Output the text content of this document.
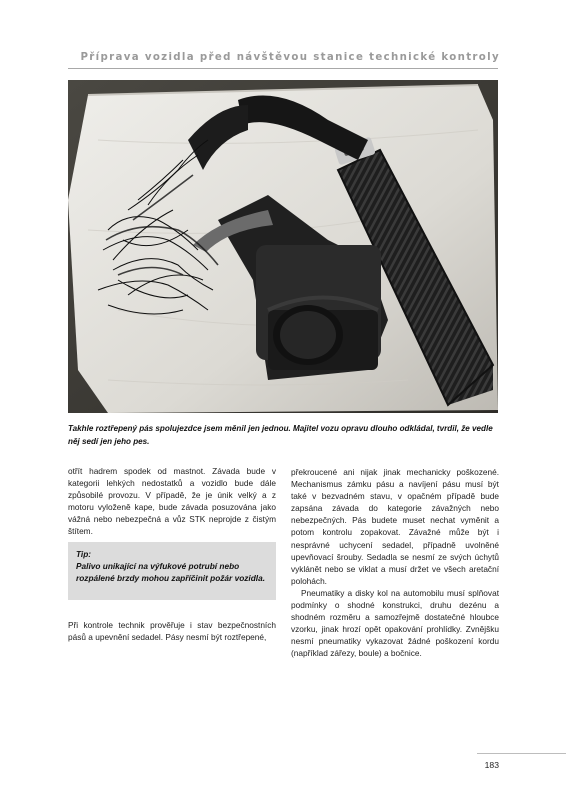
Příprava vozidla před návštěvou stanice technické kontroly
Takhle roztřepený pás spolujezdce jsem měnil jen jednou. Majitel vozu opravu dlouho odkládal, tvrdil, že vedle něj sedí jen jeho pes.

otřít hadrem spodek od mastnot. Závada bude v kategorii lehkých nedostatků a vozidlo bude dále způsobilé provozu. V případě, že je únik velký a z motoru vyloženě kape, bude závada posuzována jako vážná nebo nebezpečná a vůz STK neprojde z čistým štítem.

Tip:
Palivo unikající na výfukové potrubí nebo rozpálené brzdy mohou zapříčinit požár vozidla.

Při kontrole technik prověřuje i stav bezpečnostních pásů a upevnění sedadel. Pásy nesmí být roztřepené,

překroucené ani nijak jinak mechanicky poškozené. Mechanismus zámku pásu a navíjení pásu musí být také v bezvadném stavu, v opačném případě bude zapsána závada do kategorie závažných nebo nebezpečných. Pás budete muset nechat vyměnit a potom kontrolu zopakovat. Závažné může být i nesprávné uchycení sedadel, případně uvolněné upevňovací šrouby. Sedadla se nesmí ze svých úchytů vyklánět nebo se viklat a musí držet ve všech aretační polohách.

Pneumatiky a disky kol na automobilu musí splňovat podmínky o shodné konstrukci, druhu dezénu a shodném rozměru a samozřejmě dostatečné hloubce vzorku, jinak hrozí opět opakování prohlídky. Zvnějšku nesmí pneumatiky vykazovat žádné poškození kordu (například zářezy, boule) a bočnice.

183
